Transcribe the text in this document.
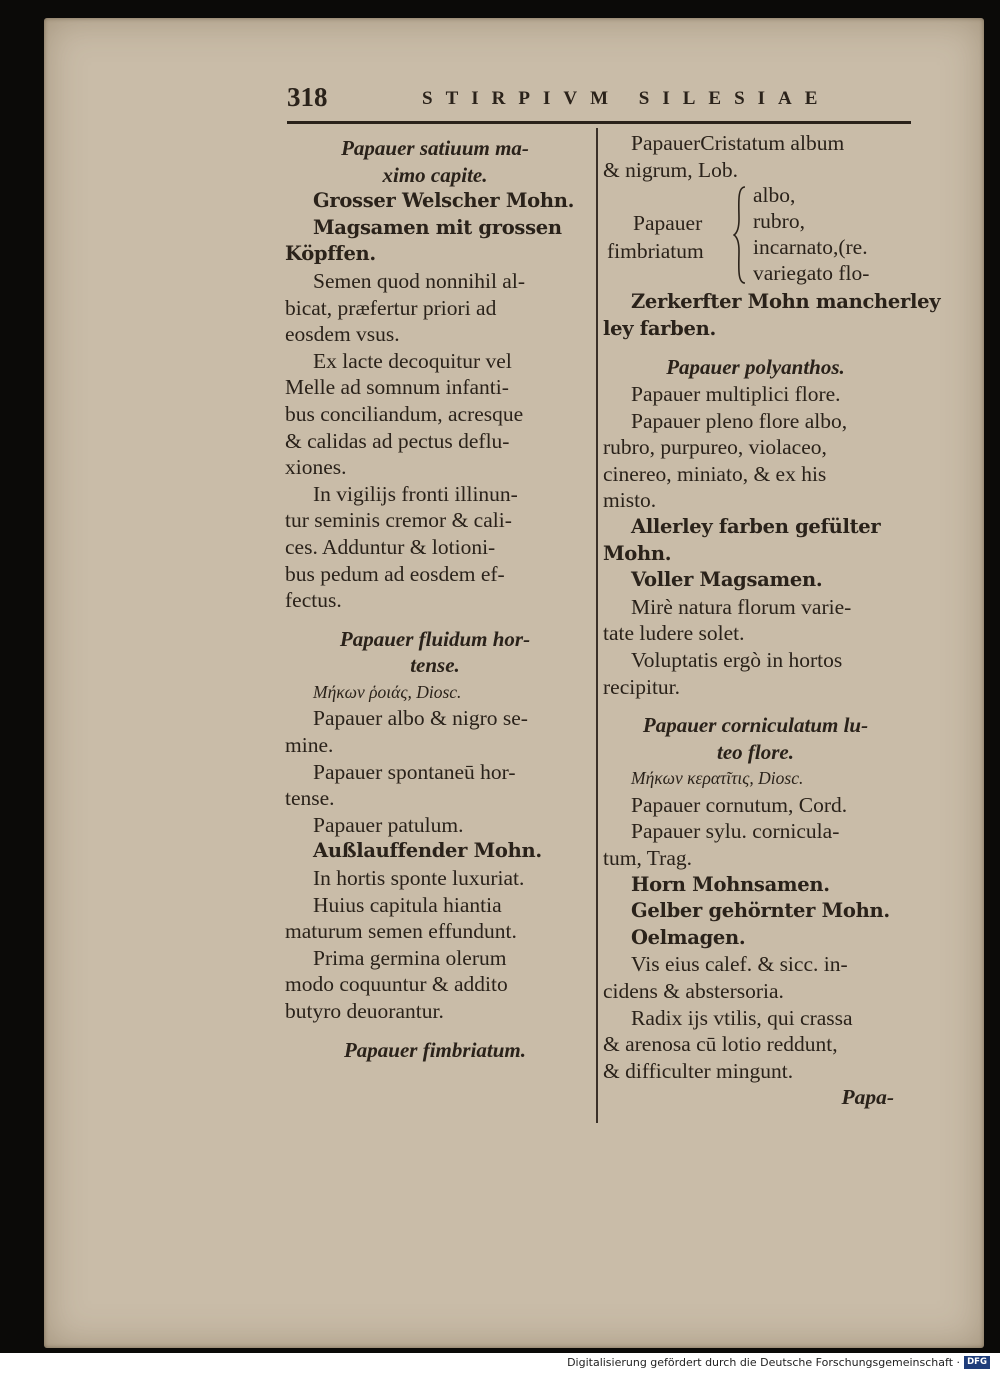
318	STIRPIVM SILESIAE
Papauer satiuum ma-
ximo capite.
Grosser Welscher Mohn.
Magsamen mit grossen
Köpffen.
Semen quod nonnihil al-
bicat, præfertur priori ad
eosdem vsus.
Ex lacte decoquitur vel
Melle ad somnum infanti-
bus conciliandum, acresque
& calidas ad pectus deflu-
xiones.
In vigilijs fronti illinun-
tur seminis cremor & cali-
ces. Adduntur & lotioni-
bus pedum ad eosdem ef-
fectus.
Papauer fluidum hor-
tense.
Μήκων ῥοιάς, Diosc.
Papauer albo & nigro se-
mine.
Papauer spontaneū hor-
tense.
Papauer patulum.
Außlauffender Mohn.
In hortis sponte luxuriat.
Huius capitula hiantia
maturum semen effundunt.
Prima germina olerum
modo coquuntur & addito
butyro deuorantur.
Papauer fimbriatum.
PapauerCristatum album
& nigrum, Lob.
Papauer
fimbriatum
albo,
rubro,
incarnato,(re.
variegato flo-
Zerkerfter Mohn mancherley
ley farben.
Papauer polyanthos.
Papauer multiplici flore.
Papauer pleno flore albo,
rubro, purpureo, violaceo,
cinereo, miniato, & ex his
misto.
Allerley farben gefülter
Mohn.
Voller Magsamen.
Mirè natura florum varie-
tate ludere solet.
Voluptatis ergò in hortos
recipitur.
Papauer corniculatum lu-
teo flore.
Μήκων κερατῖτις, Diosc.
Papauer cornutum, Cord.
Papauer sylu. cornicula-
tum, Trag.
Horn Mohnsamen.
Gelber gehörnter Mohn.
Oelmagen.
Vis eius calef. & sicc. in-
cidens & abstersoria.
Radix ijs vtilis, qui crassa
& arenosa cū lotio reddunt,
& difficulter mingunt.
Papa-
Digitalisierung gefördert durch die Deutsche Forschungsgemeinschaft · DFG
